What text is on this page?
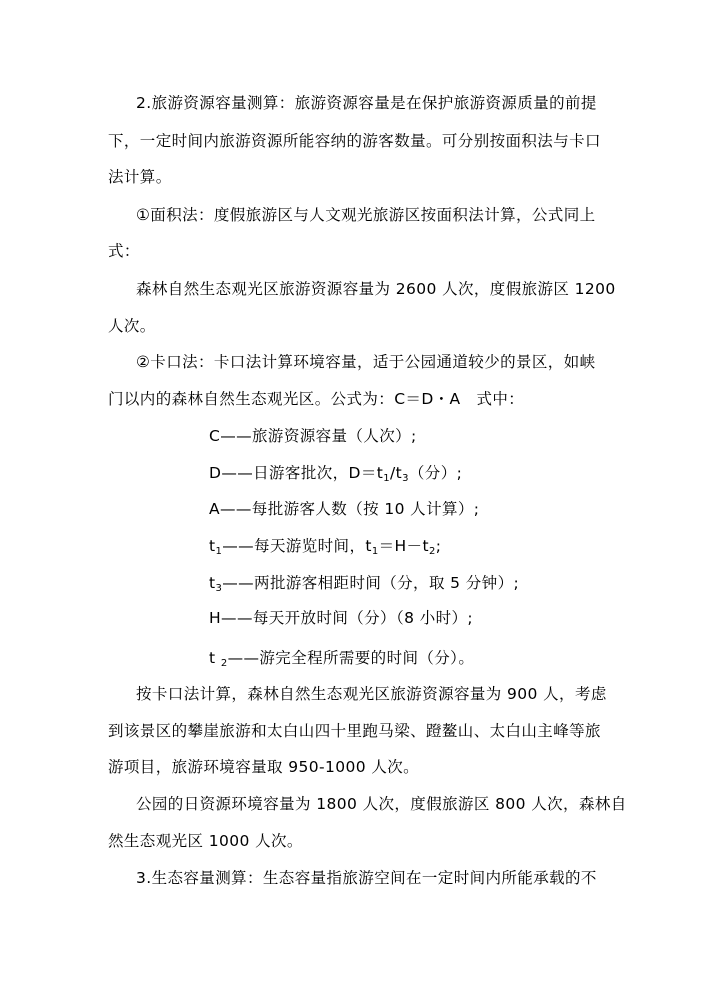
2.旅游资源容量测算：旅游资源容量是在保护旅游资源质量的前提
下，一定时间内旅游资源所能容纳的游客数量。可分别按面积法与卡口
法计算。
①面积法：度假旅游区与人文观光旅游区按面积法计算，公式同上
式：
森林自然生态观光区旅游资源容量为 2600 人次，度假旅游区 1200
人次。
②卡口法：卡口法计算环境容量，适于公园通道较少的景区，如峡
门以内的森林自然生态观光区。公式为：C＝D・A　式中：
C——旅游资源容量（人次）;
D——日游客批次，$D=t_1/t_3$（分）;
A——每批游客人数（按 10 人计算）;
$t_1——$每天游览时间，$t_1=H-t_2$;
$t_3——$两批游客相距时间（分，取 5 分钟）;
H——每天开放时间（分）（8 小时）;
t $_2$——游完全程所需要的时间（分）。
按卡口法计算，森林自然生态观光区旅游资源容量为 900 人，考虑
到该景区的攀崖旅游和太白山四十里跑马梁、蹬鳌山、太白山主峰等旅
游项目，旅游环境容量取 950-1000 人次。
公园的日资源环境容量为 1800 人次，度假旅游区 800 人次，森林自
然生态观光区 1000 人次。
3.生态容量测算：生态容量指旅游空间在一定时间内所能承载的不
